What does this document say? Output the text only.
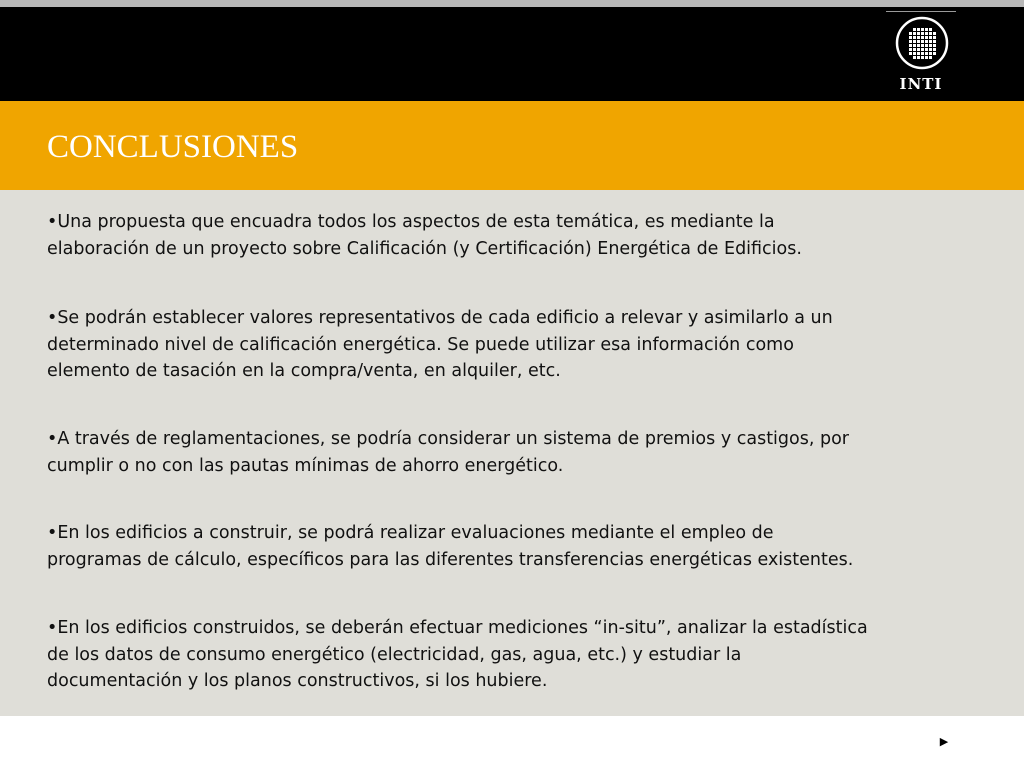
INTI
CONCLUSIONES

•Una propuesta que encuadra todos los aspectos de esta temática, es mediante la
elaboración de un proyecto sobre Calificación (y Certificación) Energética de Edificios.

•Se podrán establecer valores representativos de cada edificio a relevar y asimilarlo a un
determinado nivel de calificación energética. Se puede utilizar esa información como
elemento de tasación en la compra/venta, en alquiler, etc.

•A través de reglamentaciones, se podría considerar un sistema de premios y castigos, por
cumplir o no con las pautas mínimas de ahorro energético.

•En los edificios a construir, se podrá realizar evaluaciones mediante el empleo de
programas de cálculo, específicos para las diferentes transferencias energéticas existentes.

•En los edificios construidos, se deberán efectuar mediciones “in-situ”, analizar la estadística
de los datos de consumo energético (electricidad, gas, agua, etc.) y estudiar la
documentación y los planos constructivos, si los hubiere.

▶
